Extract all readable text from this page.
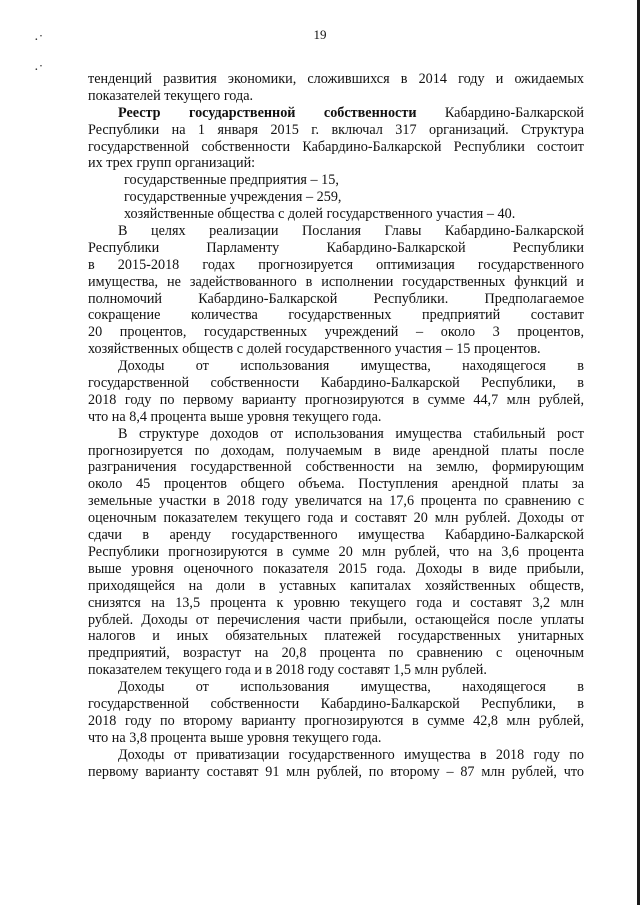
·˙
·˙
19
тенденций развития экономики, сложившихся в 2014 году и ожидаемых
показателей текущего года.
Реестр государственной собственности Кабардино-Балкарской
Республики на 1 января 2015 г. включал 317 организаций. Структура
государственной собственности Кабардино-Балкарской Республики состоит
их трех групп организаций:
государственные предприятия – 15,
государственные учреждения – 259,
хозяйственные общества с долей государственного участия – 40.
В целях реализации Послания Главы Кабардино-Балкарской
Республики Парламенту Кабардино-Балкарской Республики
в 2015-2018 годах прогнозируется оптимизация государственного
имущества, не задействованного в исполнении государственных функций и
полномочий Кабардино-Балкарской Республики. Предполагаемое
сокращение количества государственных предприятий составит
20 процентов, государственных учреждений – около 3 процентов,
хозяйственных обществ с долей государственного участия – 15 процентов.
Доходы от использования имущества, находящегося в
государственной собственности Кабардино-Балкарской Республики, в
2018 году по первому варианту прогнозируются в сумме 44,7 млн рублей,
что на 8,4 процента выше уровня текущего года.
В структуре доходов от использования имущества стабильный рост
прогнозируется по доходам, получаемым в виде арендной платы после
разграничения государственной собственности на землю, формирующим
около 45 процентов общего объема. Поступления арендной платы за
земельные участки в 2018 году увеличатся на 17,6 процента по сравнению с
оценочным показателем текущего года и составят 20 млн рублей. Доходы от
сдачи в аренду государственного имущества Кабардино-Балкарской
Республики прогнозируются в сумме 20 млн рублей, что на 3,6 процента
выше уровня оценочного показателя 2015 года. Доходы в виде прибыли,
приходящейся на доли в уставных капиталах хозяйственных обществ,
снизятся на 13,5 процента к уровню текущего года и составят 3,2 млн
рублей. Доходы от перечисления части прибыли, остающейся после уплаты
налогов и иных обязательных платежей государственных унитарных
предприятий, возрастут на 20,8 процента по сравнению с оценочным
показателем текущего года и в 2018 году составят 1,5 млн рублей.
Доходы от использования имущества, находящегося в
государственной собственности Кабардино-Балкарской Республики, в
2018 году по второму варианту прогнозируются в сумме 42,8 млн рублей,
что на 3,8 процента выше уровня текущего года.
Доходы от приватизации государственного имущества в 2018 году по
первому варианту составят 91 млн рублей, по второму – 87 млн рублей, что
